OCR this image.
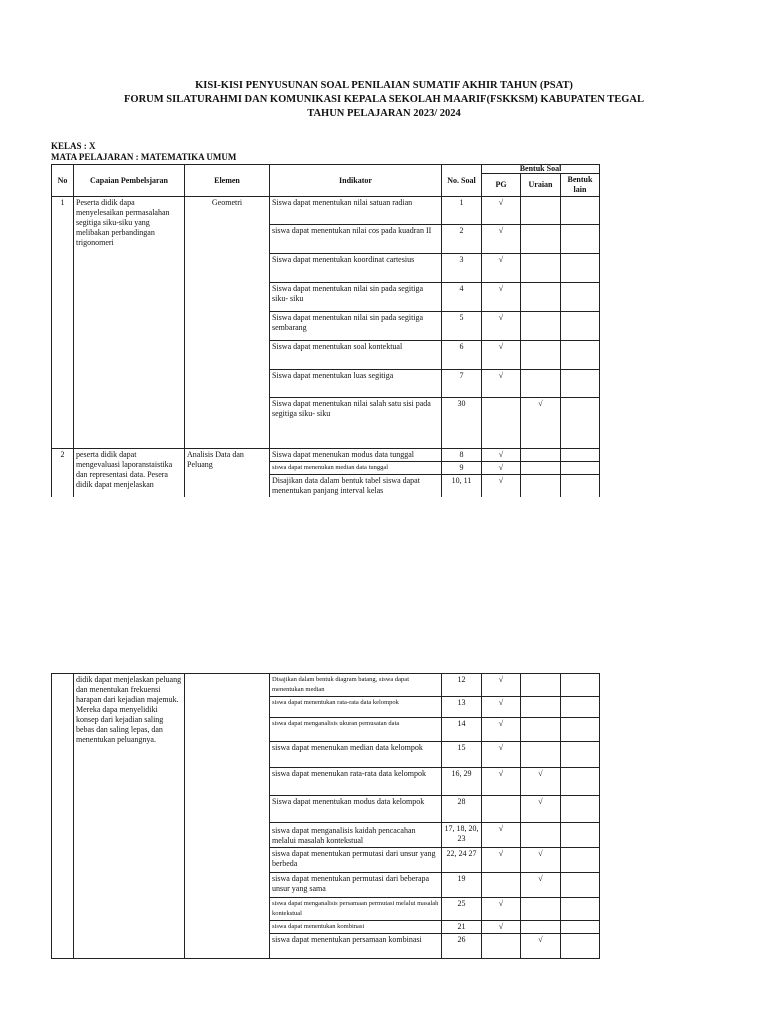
KISI-KISI PENYUSUNAN SOAL PENILAIAN SUMATIF AKHIR TAHUN (PSAT)
FORUM SILATURAHMI DAN KOMUNIKASI KEPALA SEKOLAH MAARIF(FSKKSM) KABUPATEN TEGAL
TAHUN PELAJARAN 2023/ 2024
KELAS : X
MATA PELAJARAN : MATEMATIKA UMUM
No	Capaian Pembelsjaran	Elemen	Indikator	No. Soal	Bentuk Soal		
					PG	Uraian	Bentuk lain
1	Peserta didik dapa menyelesaikan permasalahan segitiga siku-siku yang melibakan perbandingan trigonomeri	Geometri	Siswa dapat menentukan nilai satuan radian	1	√		
			siswa dapat menentukan nilai cos pada kuadran II	2	√		
			Siswa dapat menentukan koordinat cartesius	3	√		
			Siswa dapat menentukan nilai sin pada segitiga siku- siku	4	√		
			Siswa dapat menentukan nilai sin pada segitiga sembarang	5	√		
			Siswa dapat menentukan soal kontektual	6	√		
			Siswa dapat menentukan luas segitiga	7	√		
			Siswa dapat menentukan nilai salah satu sisi pada segitiga siku- siku	30		√	
2	peserta didik dapat mengevaluasi laporanstaistika dan representasi data. Pesera didik dapat menjelaskan	Analisis Data dan Peluang	Siswa dapat menenukan modus data tunggal	8	√		
			siswa dapat menenukan median data tunggal	9	√		
			Disajikan data dalam bentuk tabel siswa dapat menentukan panjang interval kelas	10, 11	√		
	didik dapat menjelaskan peluang dan menentukan frekuensi harapan dari kejadian majemuk. Mereka dapa menyelidiki konsep dari kejadian saling bebas dan saling lepas, dan menentukan peluangnya.		Disajikan dalam bentuk diagram batang, siswa dapat menentukan median	12	√		
			siswa dapat menentukan rata-rata data kelompok	13	√		
			siswa dapat menganalisis ukuran pemusatan data	14	√		
			siswa dapat menenukan median data kelompok	15	√		
			siswa dapat menenukan rata-rata data kelompok	16, 29	√	√	
			Siswa dapat menentukan modus data kelompok	28		√	
			siswa dapat menganalisis kaidah pencacahan melalui masalah kontekstual	17, 18, 20, 23	√		
			siswa dapat menentukan permutasi dari unsur yang berbeda	22, 24 27	√	√	
			siswa dapat menentukan permutasi dari beberapa unsur yang sama	19		√	
			siswa dapat menganalisis persamaan permutasi melalui masalah kontekstual	25	√		
			siswa dapat menentukan kombinasi	21	√		
			siswa dapat menentukan persamaan kombinasi	26		√	
